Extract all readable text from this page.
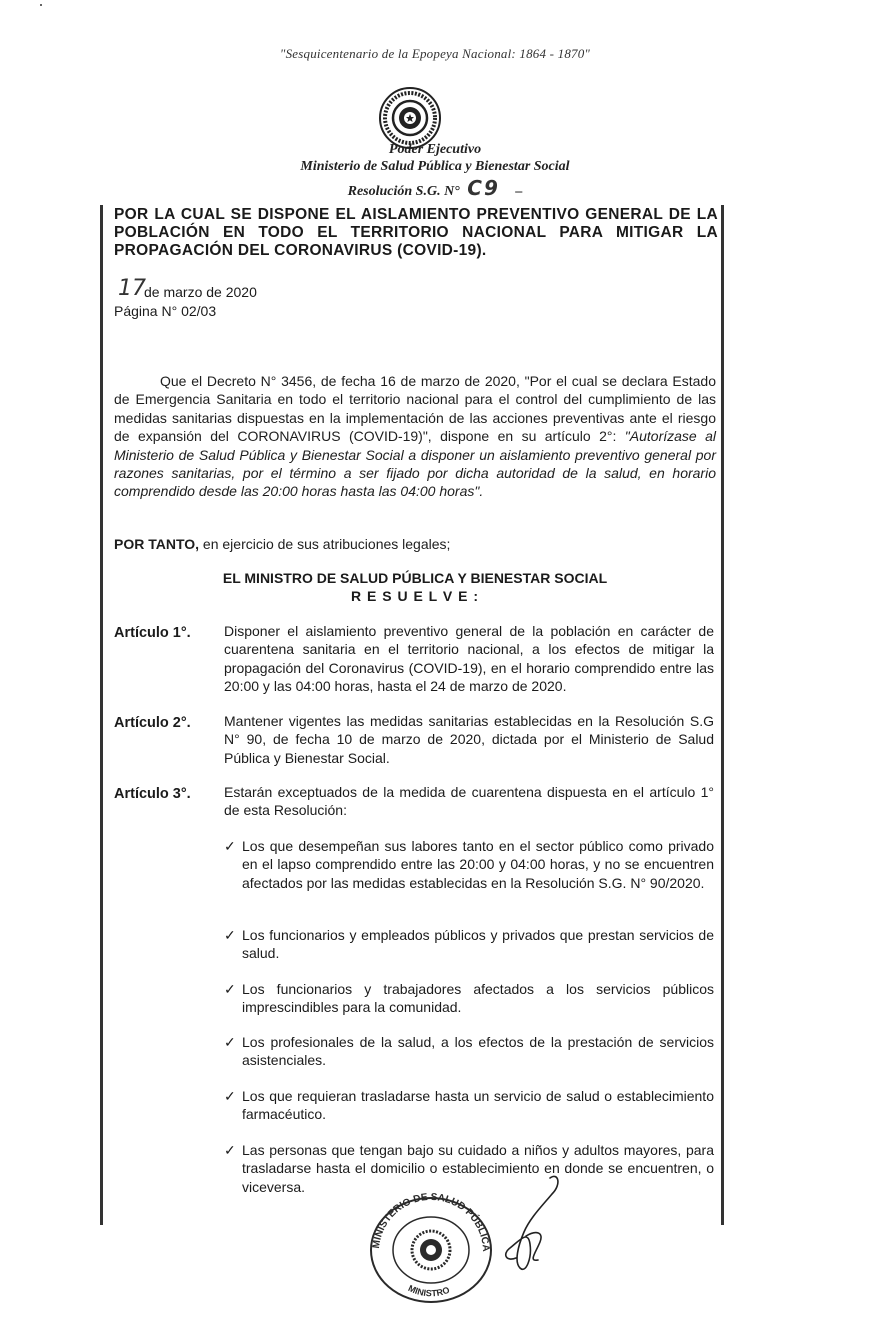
"Sesquicentenario de la Epopeya Nacional: 1864 - 1870"
Poder Ejecutivo
Ministerio de Salud Pública y Bienestar Social
Resolución S.G. N° C9 –
POR LA CUAL SE DISPONE EL AISLAMIENTO PREVENTIVO GENERAL DE LA POBLACIÓN EN TODO EL TERRITORIO NACIONAL PARA MITIGAR LA PROPAGACIÓN DEL CORONAVIRUS (COVID-19).
17
de marzo de 2020
Página N° 02/03
Que el Decreto N° 3456, de fecha 16 de marzo de 2020, "Por el cual se declara Estado de Emergencia Sanitaria en todo el territorio nacional para el control del cumplimiento de las medidas sanitarias dispuestas en la implementación de las acciones preventivas ante el riesgo de expansión del CORONAVIRUS (COVID-19)", dispone en su artículo 2°: "Autorízase al Ministerio de Salud Pública y Bienestar Social a disponer un aislamiento preventivo general por razones sanitarias, por el término a ser fijado por dicha autoridad de la salud, en horario comprendido desde las 20:00 horas hasta las 04:00 horas".
POR TANTO, en ejercicio de sus atribuciones legales;
EL MINISTRO DE SALUD PÚBLICA Y BIENESTAR SOCIAL
R E S U E L V E :
Artículo 1°. Disponer el aislamiento preventivo general de la población en carácter de cuarentena sanitaria en el territorio nacional, a los efectos de mitigar la propagación del Coronavirus (COVID-19), en el horario comprendido entre las 20:00 y las 04:00 horas, hasta el 24 de marzo de 2020.
Artículo 2°. Mantener vigentes las medidas sanitarias establecidas en la Resolución S.G N° 90, de fecha 10 de marzo de 2020, dictada por el Ministerio de Salud Pública y Bienestar Social.
Artículo 3°. Estarán exceptuados de la medida de cuarentena dispuesta en el artículo 1° de esta Resolución:
✓ Los que desempeñan sus labores tanto en el sector público como privado en el lapso comprendido entre las 20:00 y 04:00 horas, y no se encuentren afectados por las medidas establecidas en la Resolución S.G. N° 90/2020.
✓ Los funcionarios y empleados públicos y privados que prestan servicios de salud.
✓ Los funcionarios y trabajadores afectados a los servicios públicos imprescindibles para la comunidad.
✓ Los profesionales de la salud, a los efectos de la prestación de servicios asistenciales.
✓ Los que requieran trasladarse hasta un servicio de salud o establecimiento farmacéutico.
✓ Las personas que tengan bajo su cuidado a niños y adultos mayores, para trasladarse hasta el domicilio o establecimiento en donde se encuentren, o viceversa.
MINISTERIO DE SALUD PÚBLICA
MINISTRO
